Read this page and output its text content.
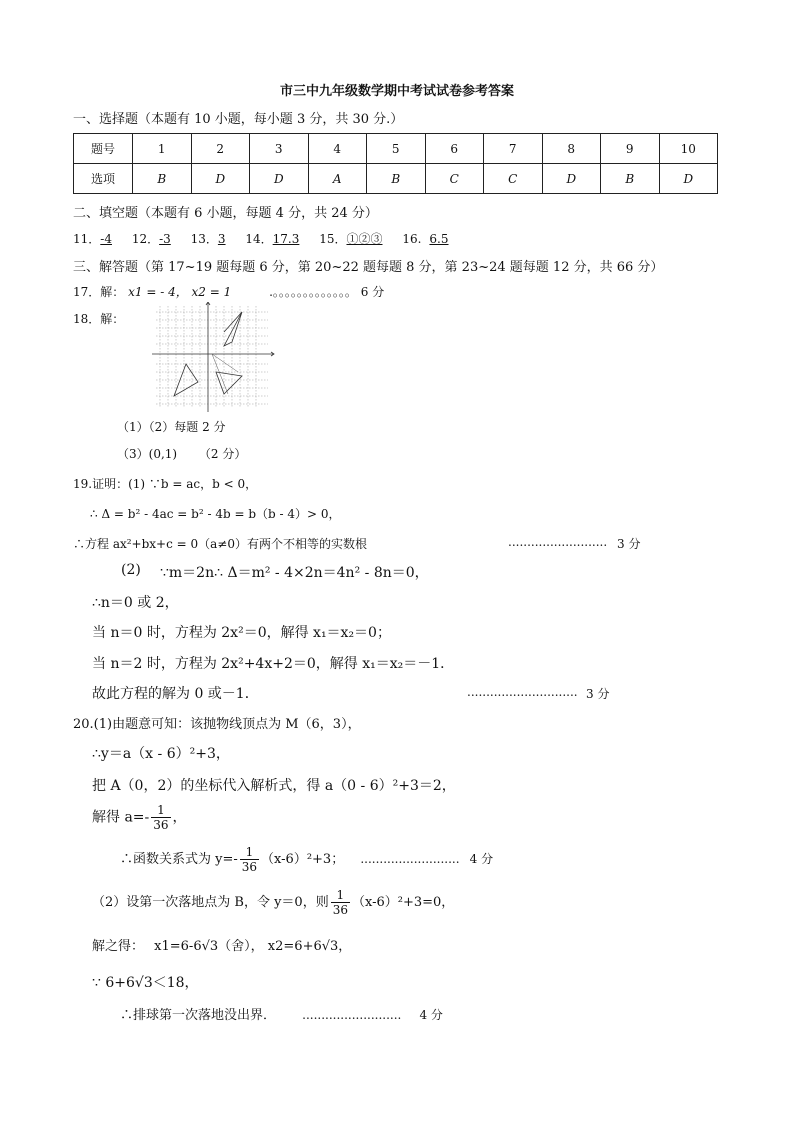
市三中九年级数学期中考试试卷参考答案
一、选择题（本题有 10 小题，每小题 3 分，共 30 分.）
题号	1	2	3	4	5	6	7	8	9	10
选项	B	D	D	A	B	C	C	D	B	D
二、填空题（本题有 6 小题，每题 4 分，共 24 分）
11．-4 12．-3 13．3 14．17.3 15．①②③ 16. 6.5
三、解答题（第 17~19 题每题 6 分，第 20~22 题每题 8 分，第 23~24 题每题 12 分，共 66 分）
17．解： x1 = - 4， x2 = 1	.。。。。。。。。。。。。。 6 分
18．解：
（1）（2）每题 2 分
（3）(0,1) （2 分）
19.证明：(1) ∵b = ac，b < 0，
∴ Δ = b² - 4ac = b² - 4b = b（b - 4）> 0，
∴方程 ax²+bx+c = 0（a≠0）有两个不相等的实数根	.......................... 3 分
(2) ∵m＝2n∴ Δ＝m² - 4×2n＝4n² - 8n＝0，
∴n＝0 或 2，
当 n＝0 时，方程为 2x²＝0，解得 x₁＝x₂＝0；
当 n＝2 时，方程为 2x²+4x+2＝0，解得 x₁＝x₂＝－1．
故此方程的解为 0 或－1．	............................. 3 分
20.(1)由题意可知：该抛物线顶点为 M（6，3），
∴y＝a（x - 6）²+3，
把 A（0，2）的坐标代入解析式，得 a（0 - 6）²+3＝2，
解得 $a=- \frac{1}{36}$ ，
∴函数关系式为 $y=- \frac{1}{36} (x-6)^2+3$； .......................... 4 分
（2）设第一次落地点为 B，令 y＝0，则 $\frac{1}{36} (x-6)^2+3=0$，
解之得： x1=6-6√3（舍）， x2=6+6√3，
∵ 6+6√3＜18，
∴排球第一次落地没出界． .......................... 4 分
